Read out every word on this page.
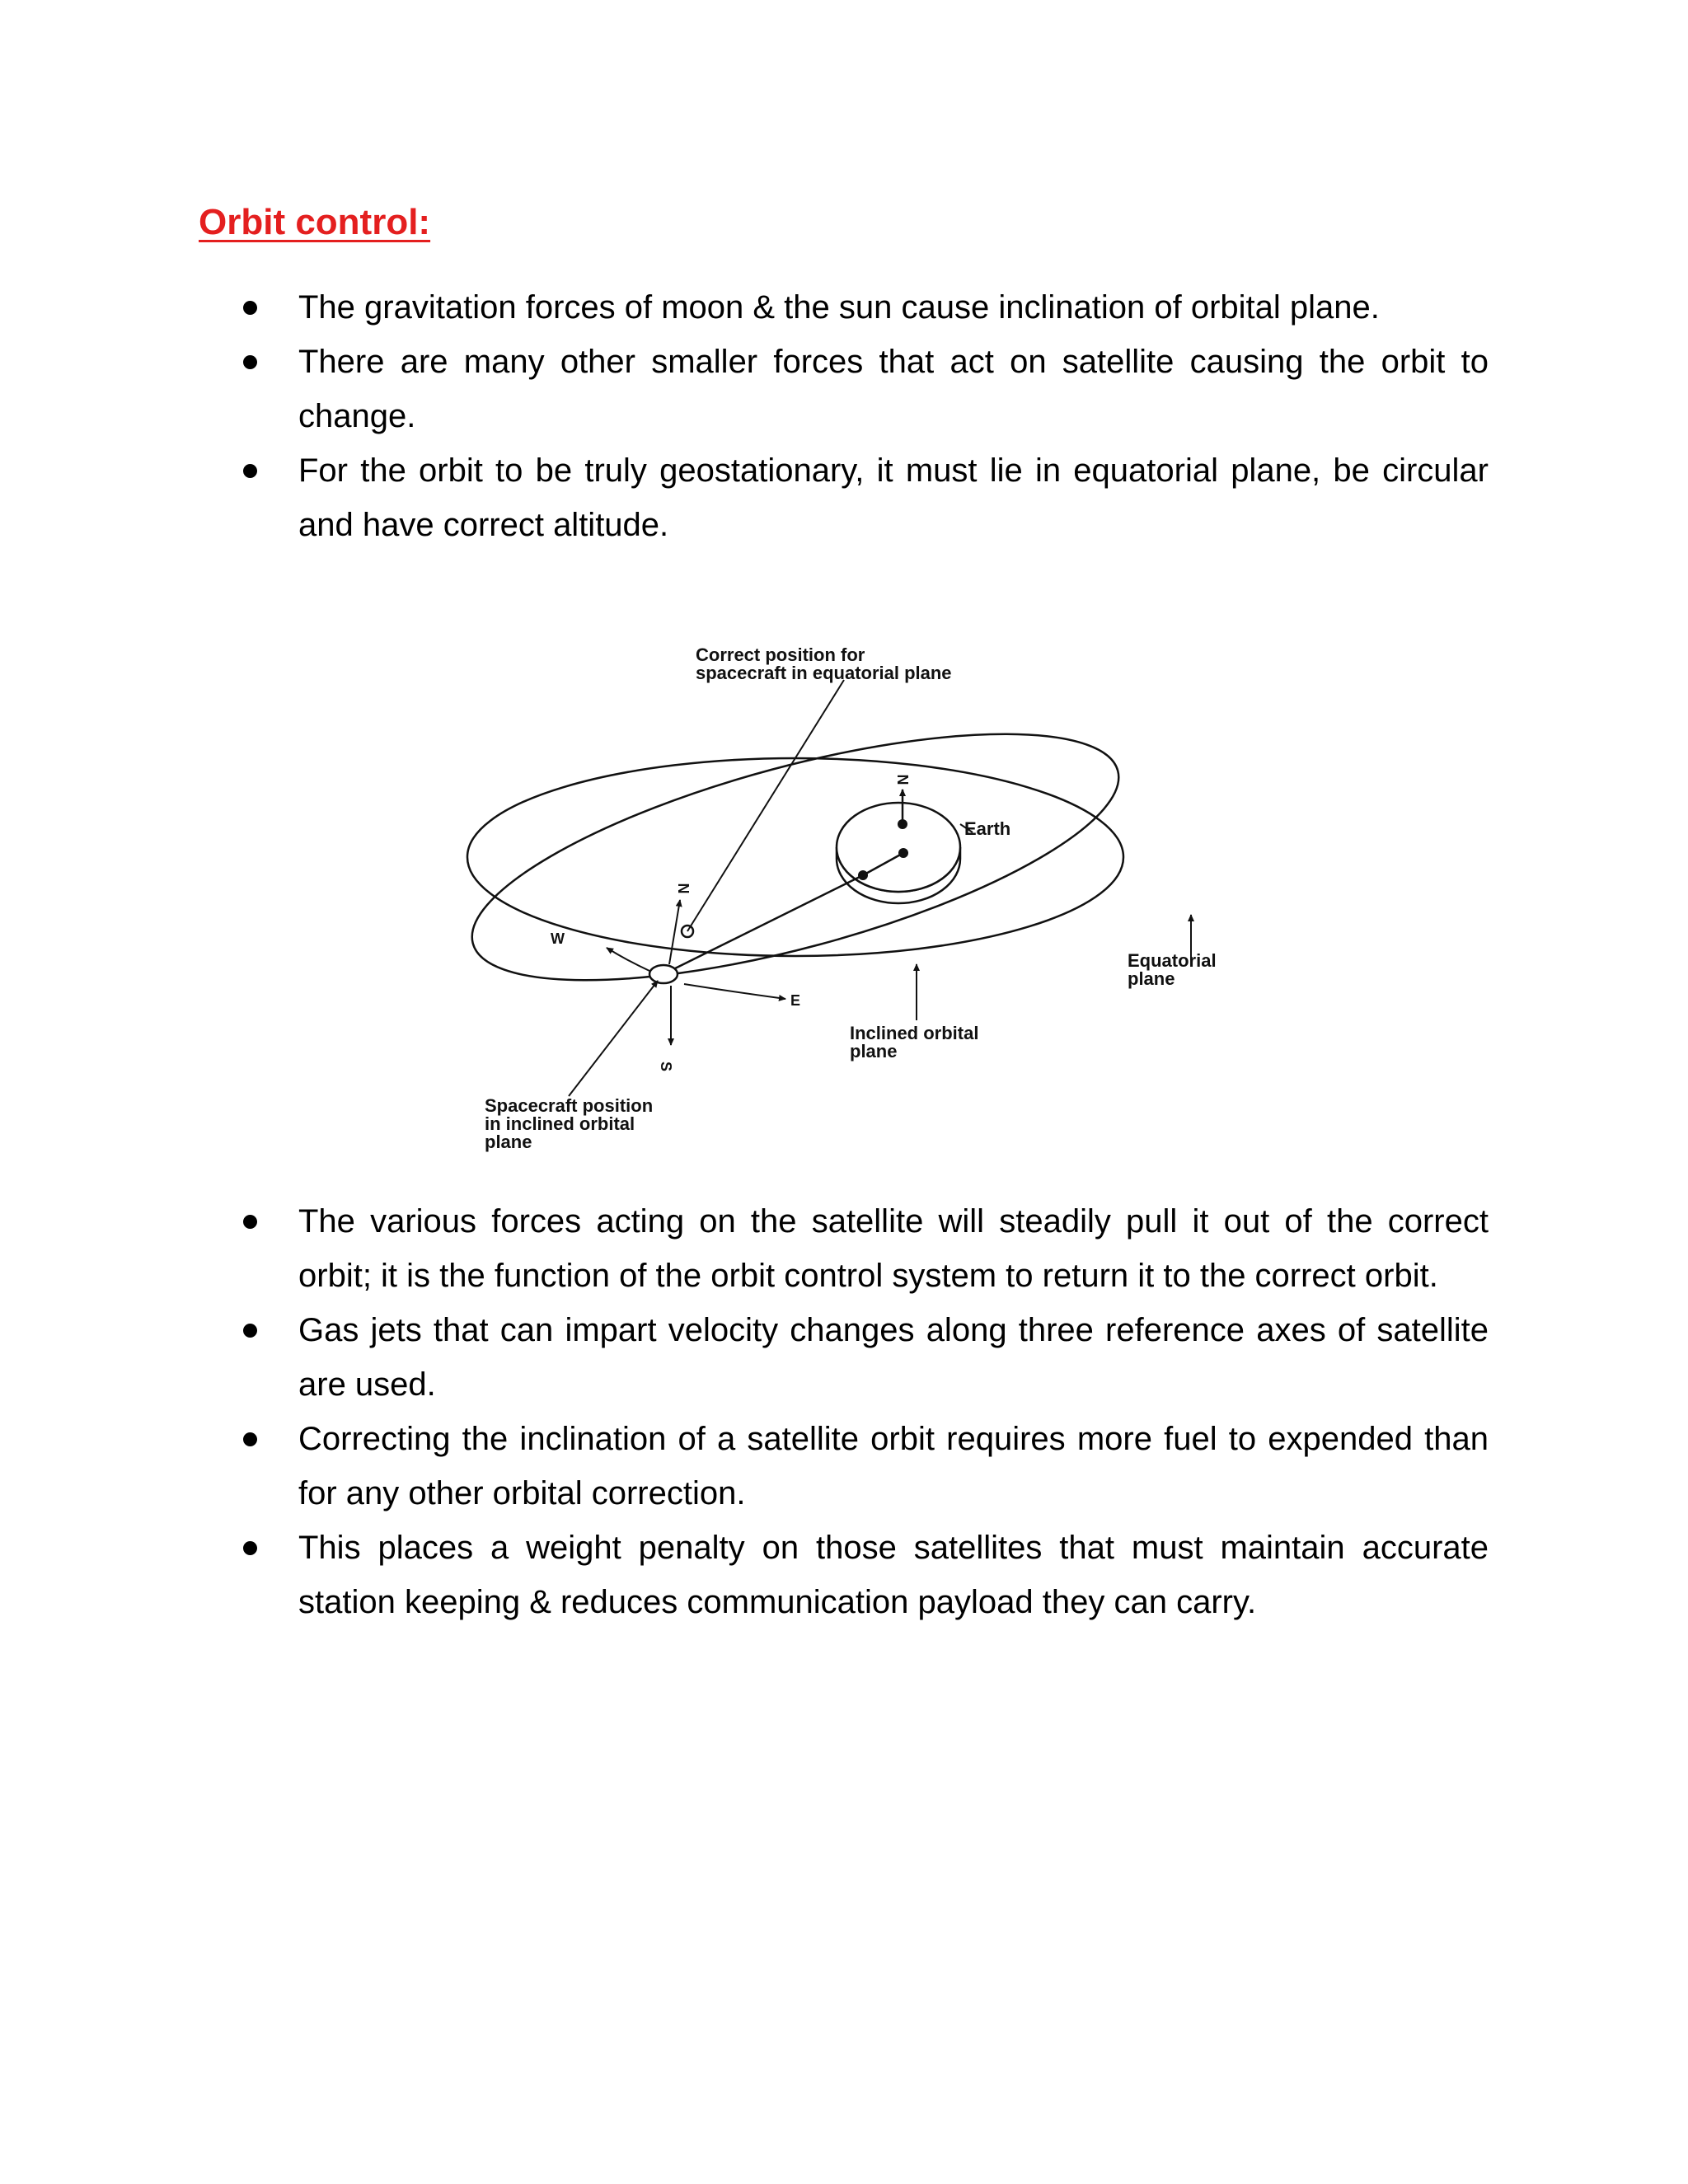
Orbit control:
The gravitation forces of moon & the sun cause inclination of orbital plane.
There are many other smaller forces that act on satellite causing the orbit to change.
For the orbit to be truly geostationary, it must lie in equatorial plane, be circular and have correct altitude.
N
Earth
Correct position for
spacecraft in equatorial plane
N
S
E
W
Spacecraft position
in inclined orbital
plane
Inclined orbital
plane
Equatorial
plane
The various forces acting on the satellite will steadily pull it out of the correct orbit; it is the function of the orbit control system to return it to the correct orbit.
Gas jets that can impart velocity changes along three reference axes of satellite are used.
Correcting the inclination of a satellite orbit requires more fuel to expended than for any other orbital correction.
This places a weight penalty on those satellites that must maintain accurate station keeping & reduces communication payload they can carry.
